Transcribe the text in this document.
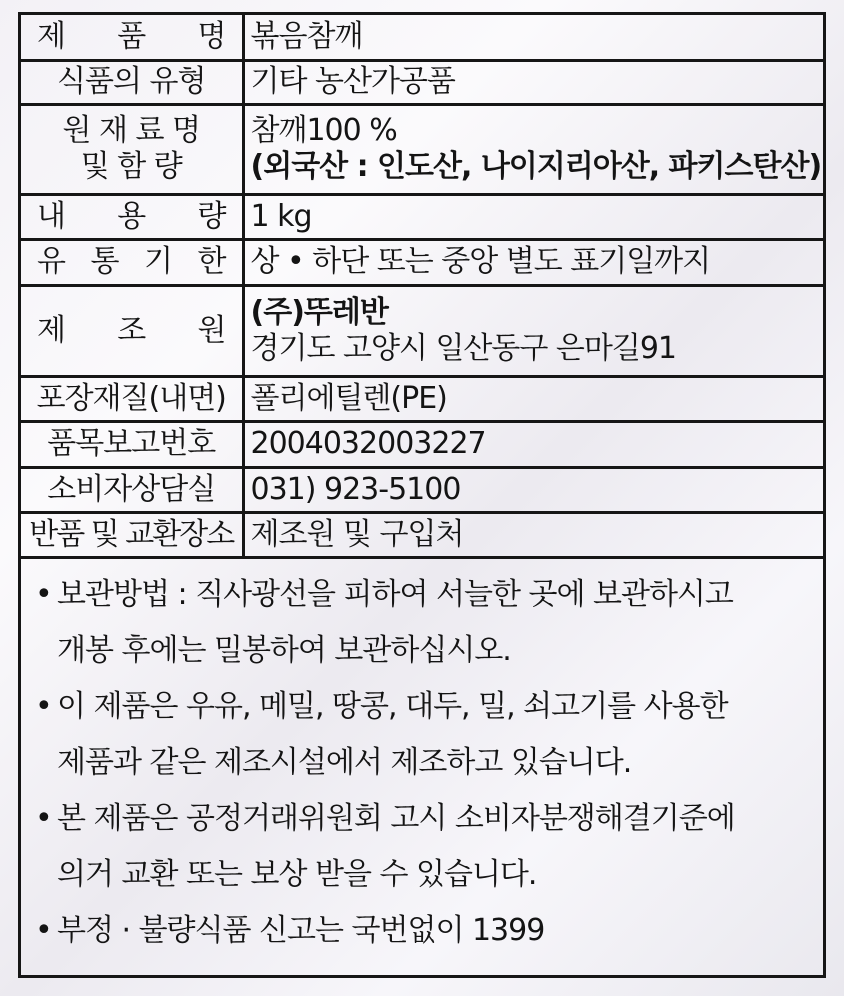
제 품 명	볶음참깨
식품의 유형	기타 농산가공품

원 재 료 명
및 함 량	참깨100 %
(외국산 : 인도산, 나이지리아산, 파키스탄산)

내 용 량	1 kg

유 통 기 한	상 • 하단 또는 중앙 별도 표기일까지

제 조 원	(주)뚜레반
경기도 고양시 일산동구 은마길91

포장재질(내면)	폴리에틸렌(PE)
품목보고번호	2004032003227
소비자상담실	031) 923-5100
반품 및 교환장소	제조원 및 구입처
• 보관방법 : 직사광선을 피하여 서늘한 곳에 보관하시고
개봉 후에는 밀봉하여 보관하십시오.
• 이 제품은 우유, 메밀, 땅콩, 대두, 밀, 쇠고기를 사용한
제품과 같은 제조시설에서 제조하고 있습니다.
• 본 제품은 공정거래위원회 고시 소비자분쟁해결기준에
의거 교환 또는 보상 받을 수 있습니다.
• 부정 · 불량식품 신고는 국번없이 1399
